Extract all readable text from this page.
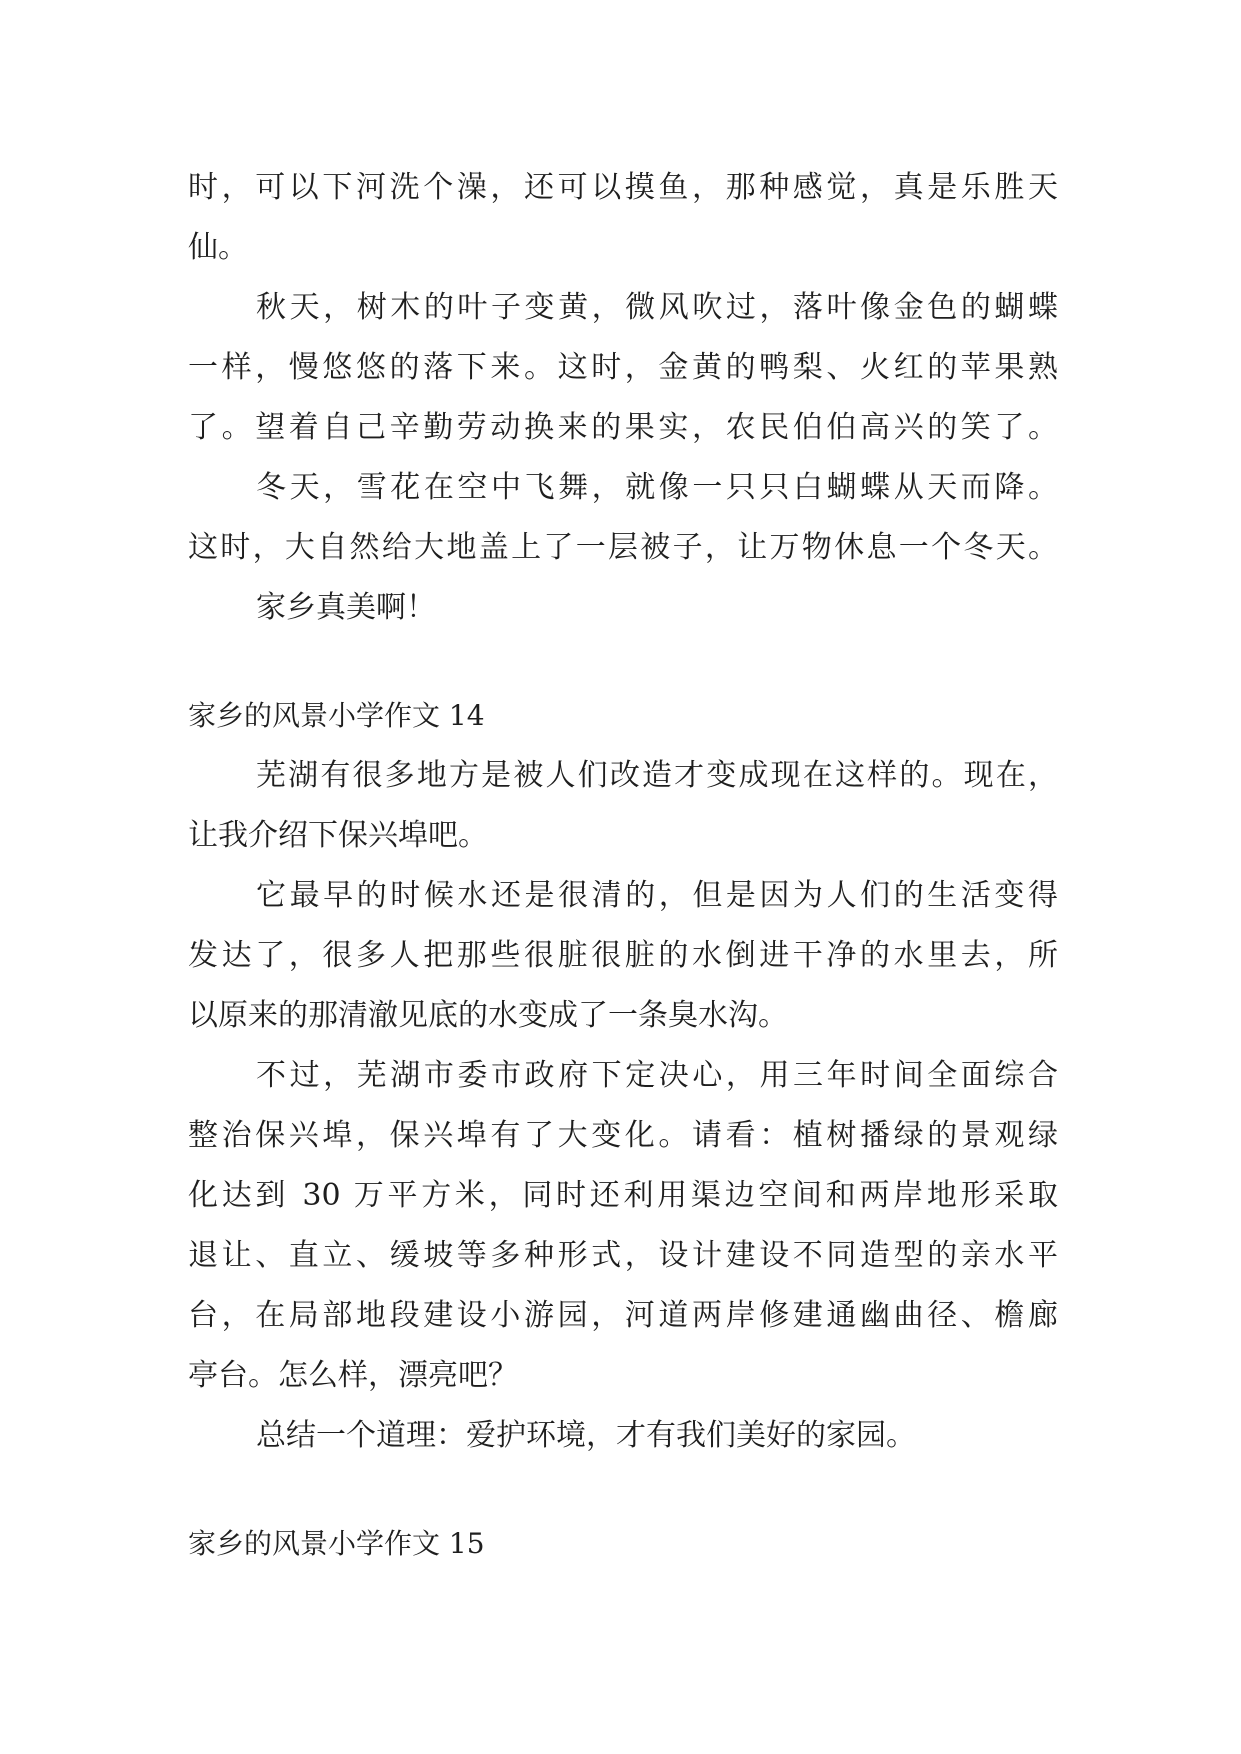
时，可以下河洗个澡，还可以摸鱼，那种感觉，真是乐胜天
仙。
秋天，树木的叶子变黄，微风吹过，落叶像金色的蝴蝶
一样，慢悠悠的落下来。这时，金黄的鸭梨、火红的苹果熟
了。望着自己辛勤劳动换来的果实，农民伯伯高兴的笑了。
冬天，雪花在空中飞舞，就像一只只白蝴蝶从天而降。
这时，大自然给大地盖上了一层被子，让万物休息一个冬天。
家乡真美啊！
家乡的风景小学作文 14
芜湖有很多地方是被人们改造才变成现在这样的。现在，
让我介绍下保兴埠吧。
它最早的时候水还是很清的，但是因为人们的生活变得
发达了，很多人把那些很脏很脏的水倒进干净的水里去，所
以原来的那清澈见底的水变成了一条臭水沟。
不过，芜湖市委市政府下定决心，用三年时间全面综合
整治保兴埠，保兴埠有了大变化。请看：植树播绿的景观绿
化达到 30 万平方米，同时还利用渠边空间和两岸地形采取
退让、直立、缓坡等多种形式，设计建设不同造型的亲水平
台，在局部地段建设小游园，河道两岸修建通幽曲径、檐廊
亭台。怎么样，漂亮吧？
总结一个道理：爱护环境，才有我们美好的家园。
家乡的风景小学作文 15
